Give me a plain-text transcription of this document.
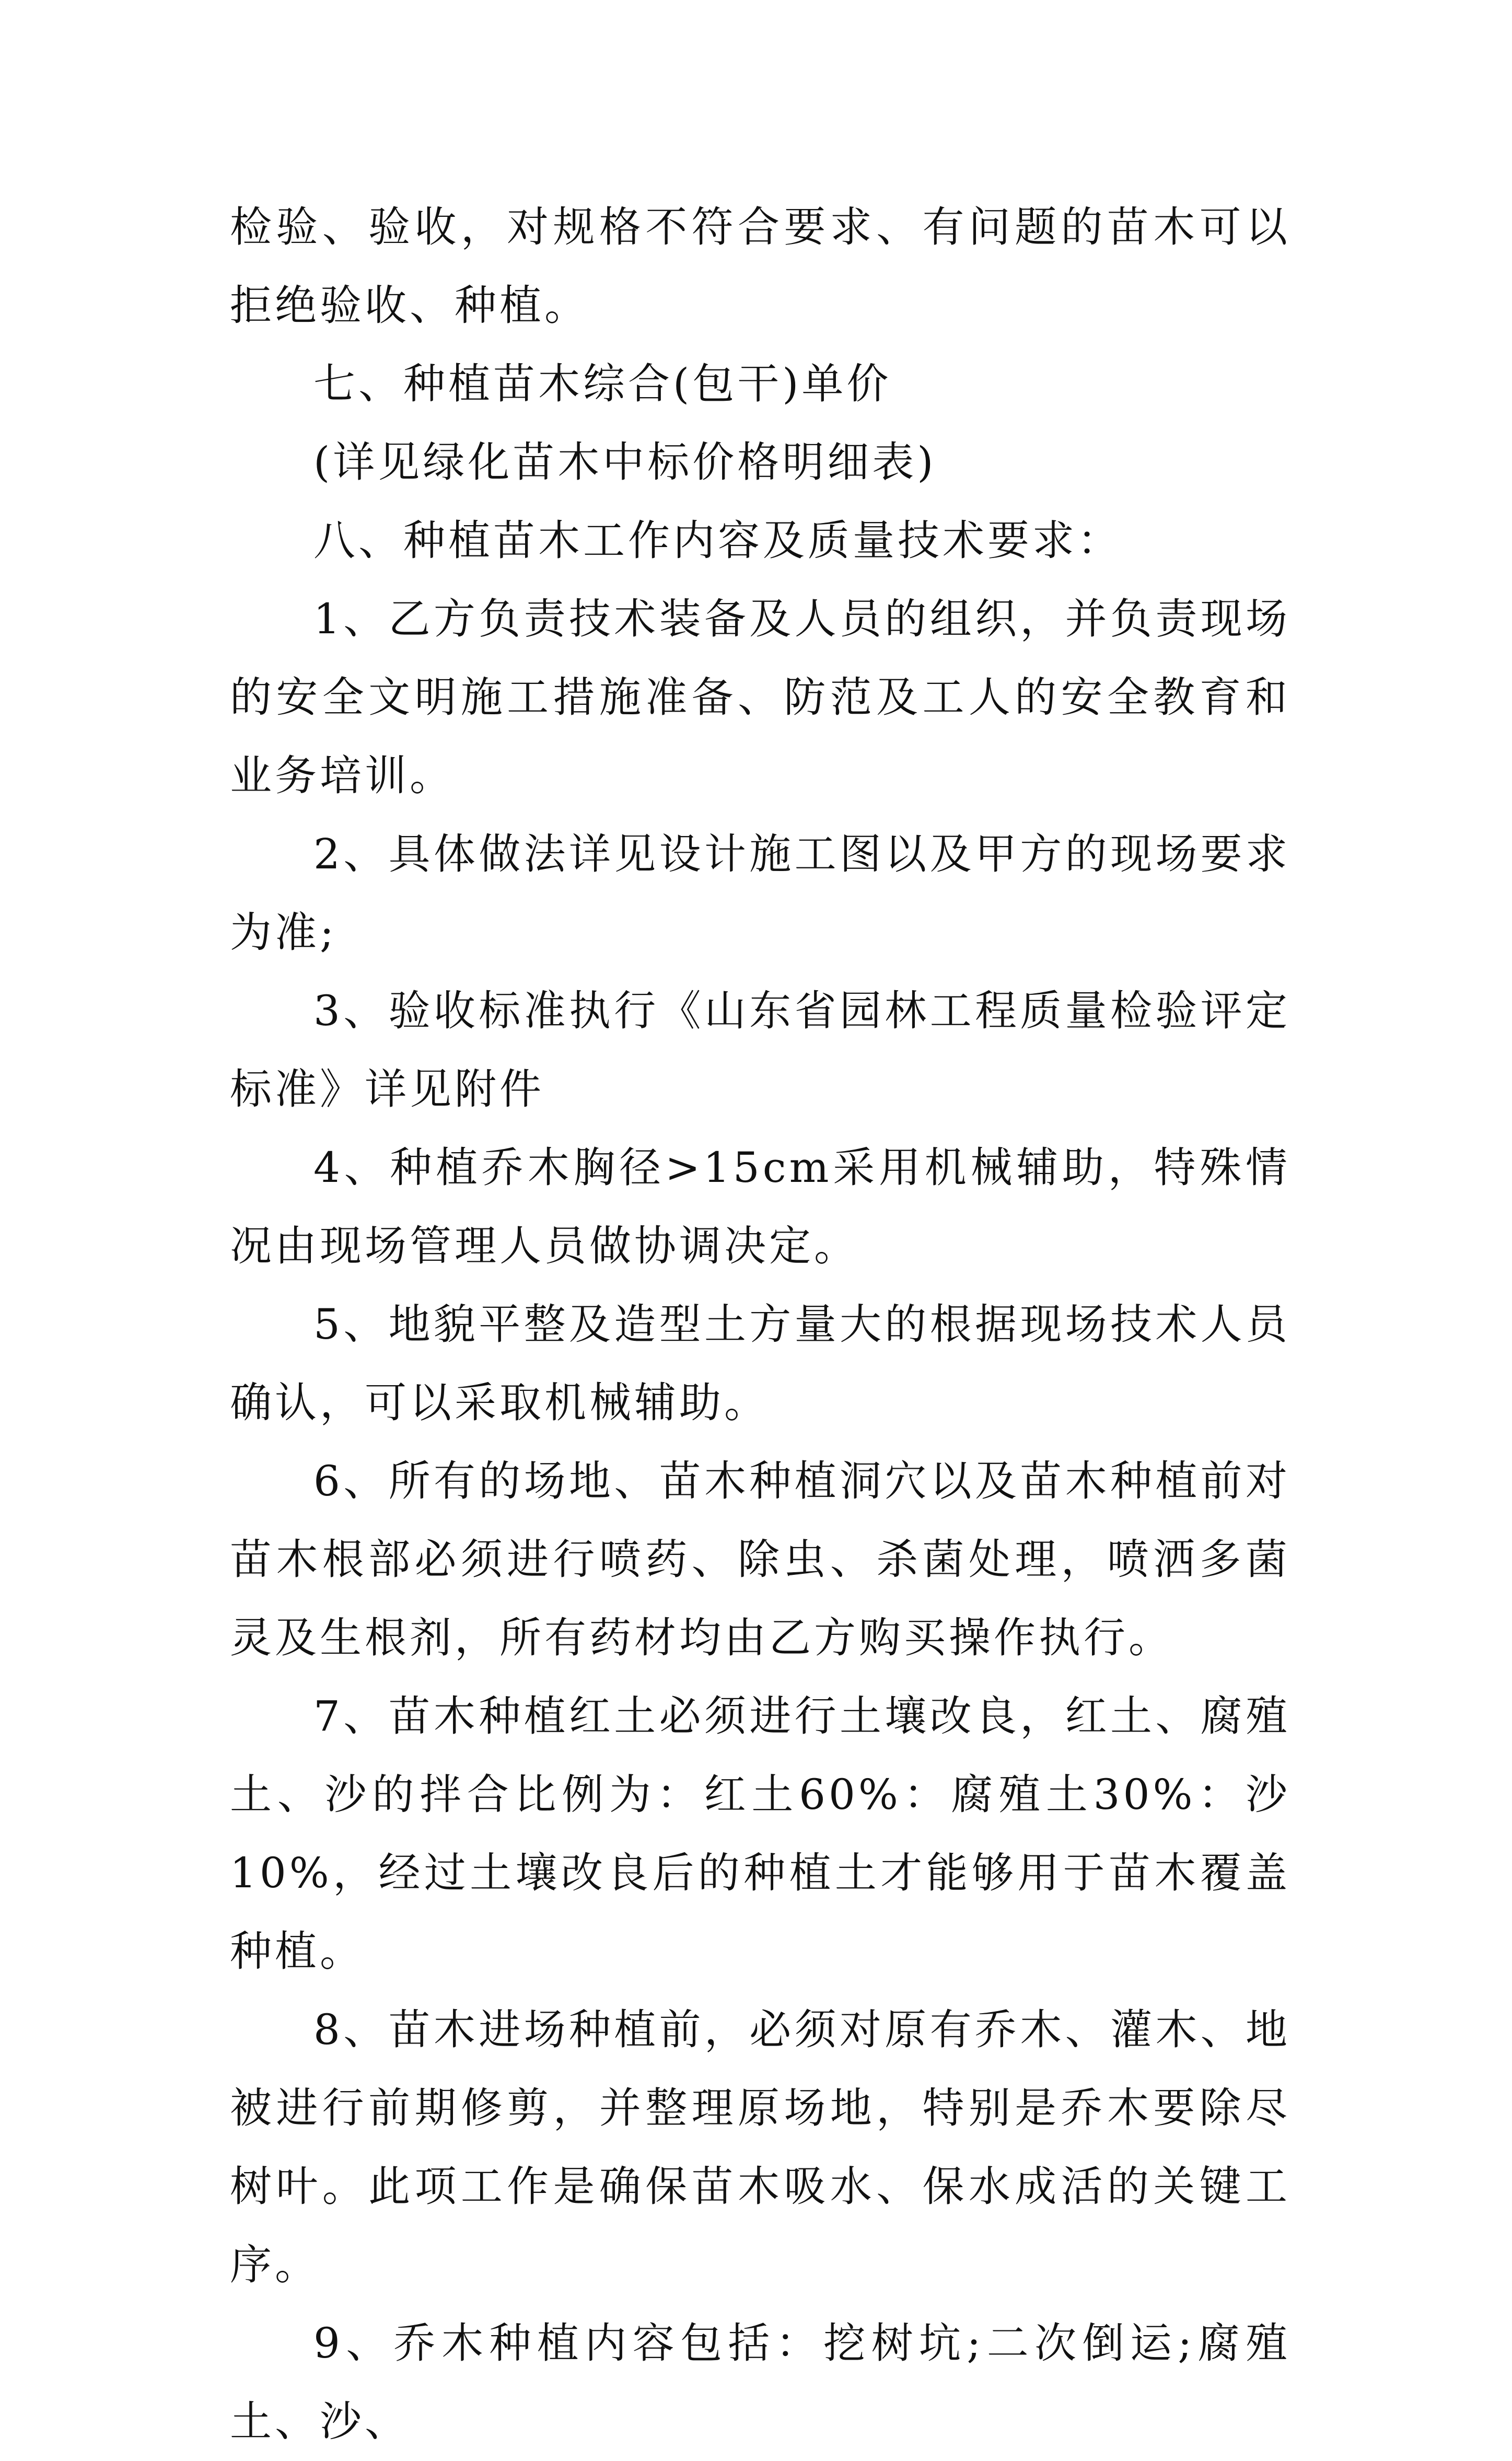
检验、验收，对规格不符合要求、有问题的苗木可以拒绝验收、种植。

七、种植苗木综合(包干)单价

(详见绿化苗木中标价格明细表)

八、种植苗木工作内容及质量技术要求：

1、乙方负责技术装备及人员的组织，并负责现场的安全文明施工措施准备、防范及工人的安全教育和业务培训。

2、具体做法详见设计施工图以及甲方的现场要求为准;

3、验收标准执行《山东省园林工程质量检验评定标准》详见附件

4、种植乔木胸径>15cm采用机械辅助，特殊情况由现场管理人员做协调决定。

5、地貌平整及造型土方量大的根据现场技术人员确认，可以采取机械辅助。

6、所有的场地、苗木种植洞穴以及苗木种植前对苗木根部必须进行喷药、除虫、杀菌处理，喷洒多菌灵及生根剂，所有药材均由乙方购买操作执行。

7、苗木种植红土必须进行土壤改良，红土、腐殖土、沙的拌合比例为：红土60%：腐殖土30%：沙10%，经过土壤改良后的种植土才能够用于苗木覆盖种植。

8、苗木进场种植前，必须对原有乔木、灌木、地被进行前期修剪，并整理原场地，特别是乔木要除尽树叶。此项工作是确保苗木吸水、保水成活的关键工序。

9、乔木种植内容包括：挖树坑;二次倒运;腐殖土、沙、
